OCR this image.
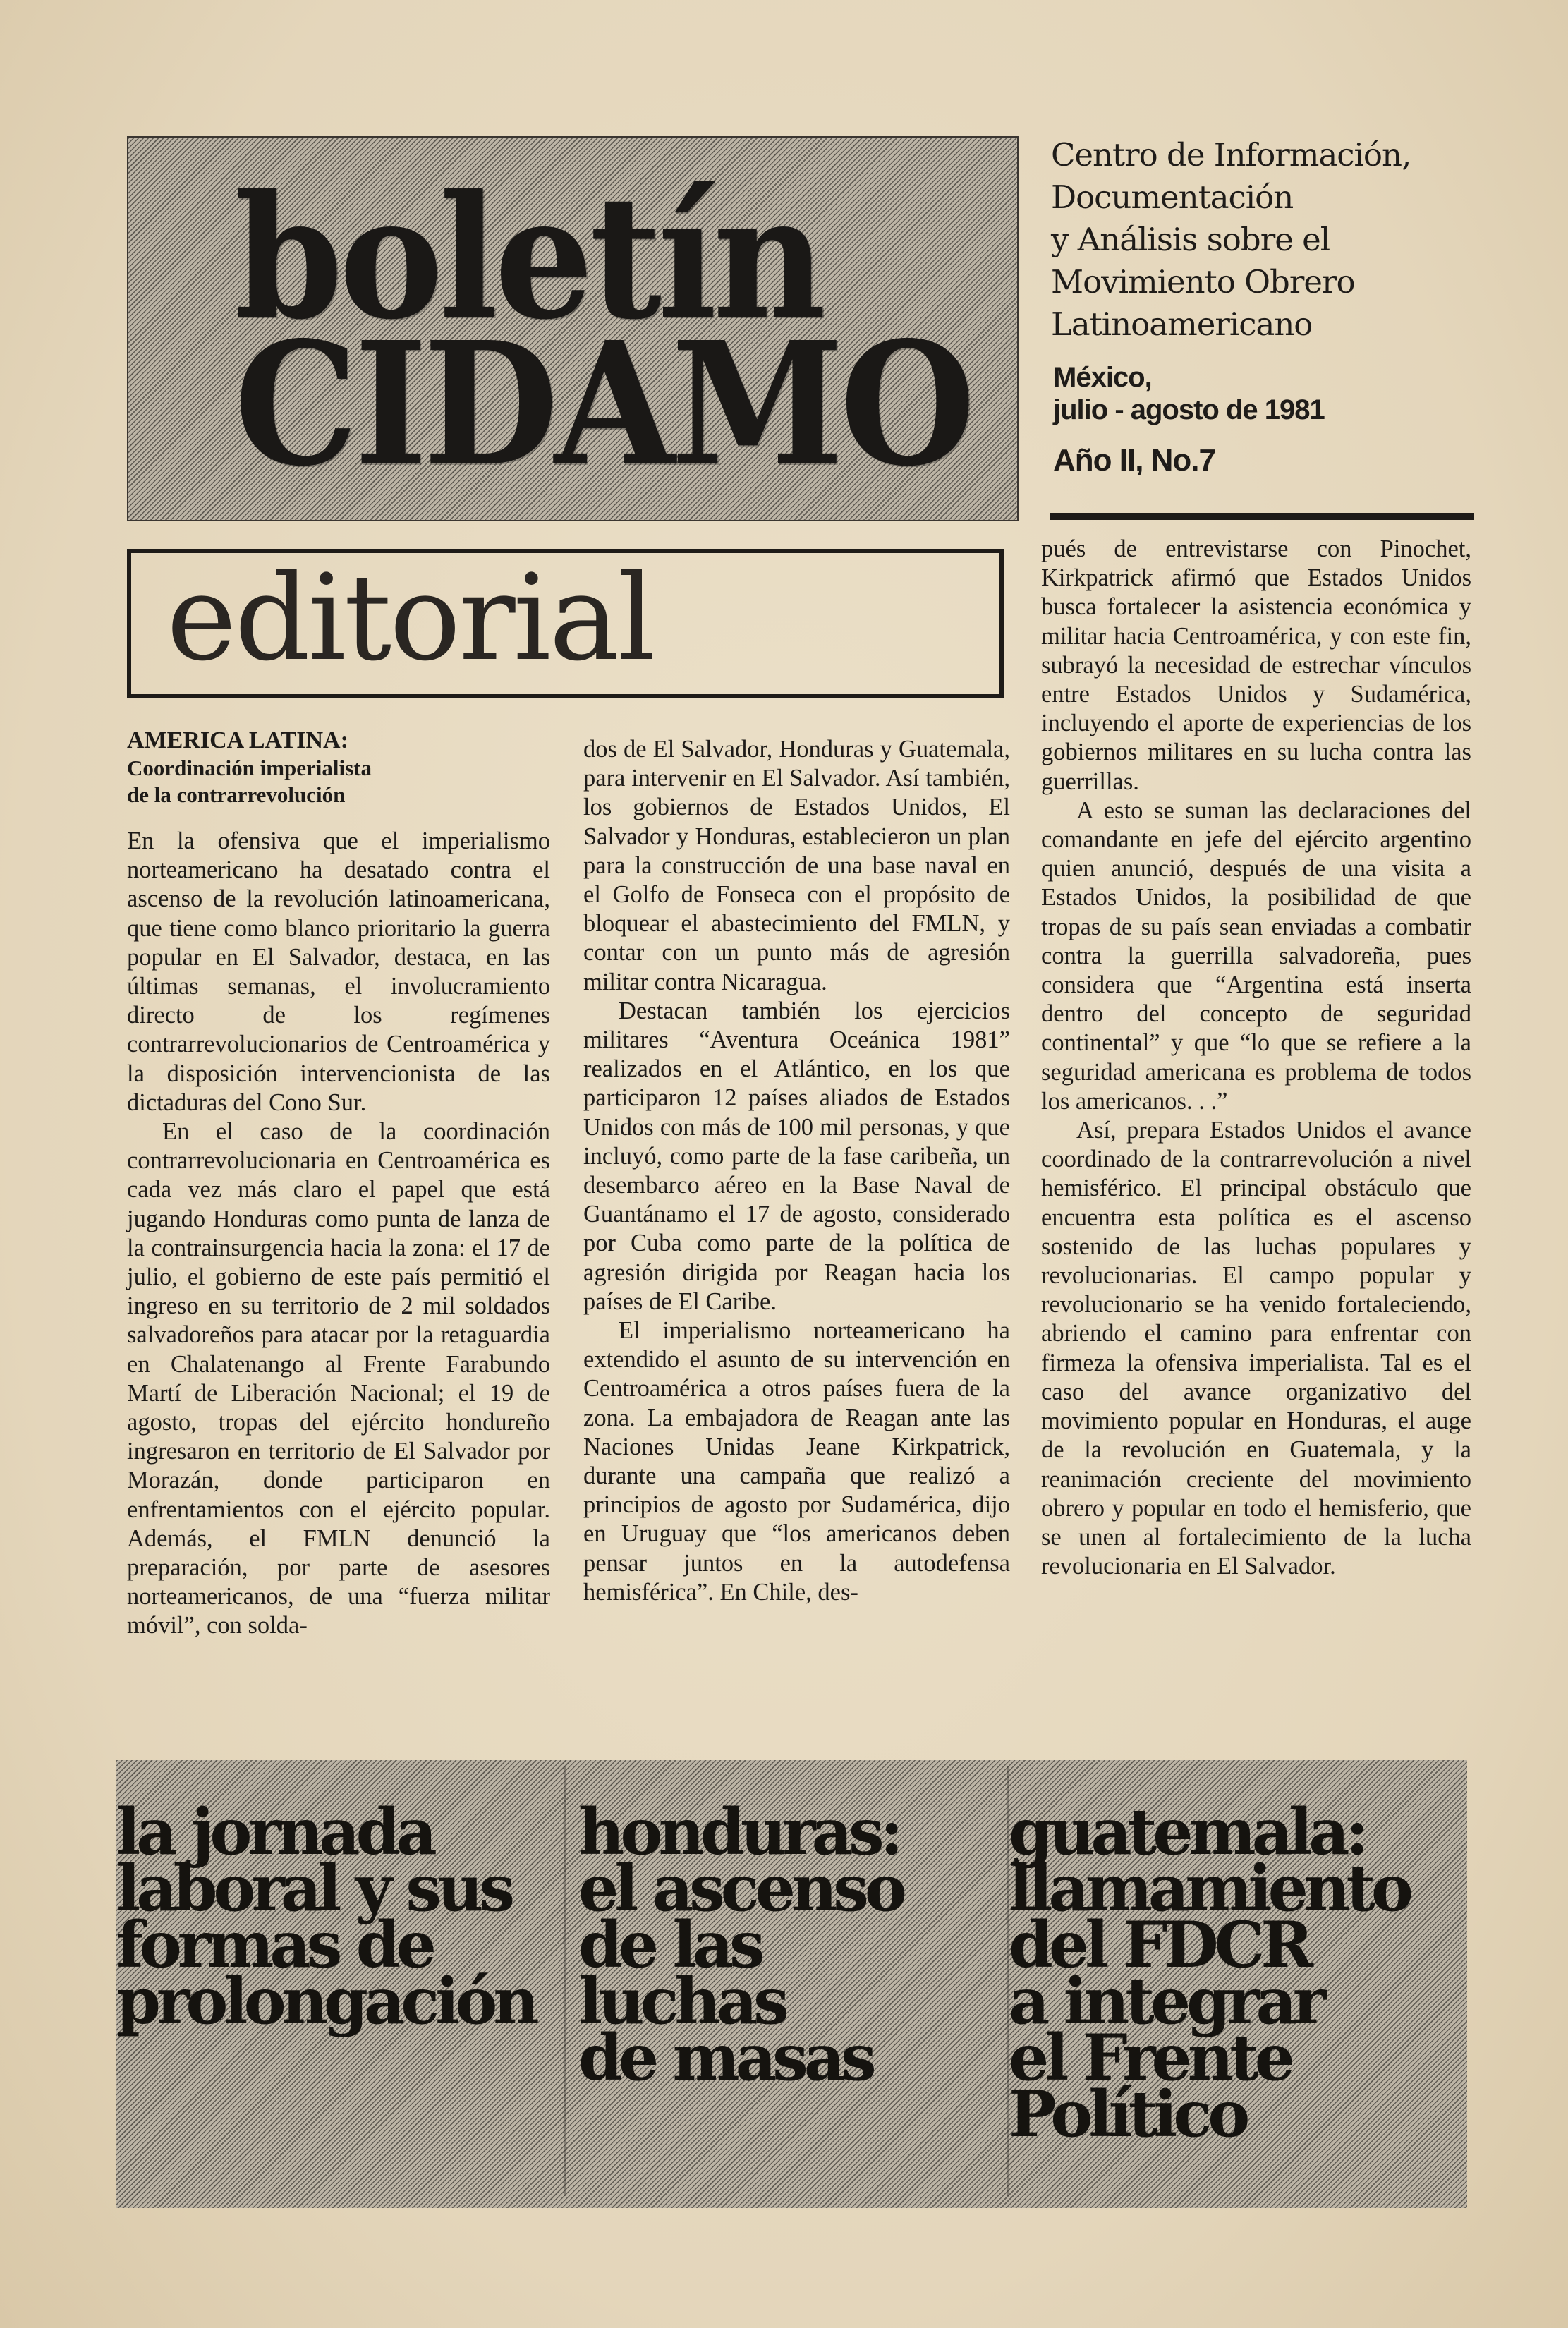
boletín
CIDAMO
Centro de Información,
Documentación
y Análisis sobre el
Movimiento Obrero
Latinoamericano
México,
julio - agosto de 1981
Año II, No.7
editorial
AMERICA LATINA:
Coordinación imperialista
de la contrarrevolución

En la ofensiva que el imperialismo norteamericano ha desatado contra el ascenso de la revolución latinoamericana, que tiene como blanco prioritario la guerra popular en El Salvador, destaca, en las últimas semanas, el involucramiento directo de los regímenes contrarrevolucionarios de Centroamérica y la disposición intervencionista de las dictaduras del Cono Sur.

En el caso de la coordinación contrarrevolucionaria en Centroamérica es cada vez más claro el papel que está jugando Honduras como punta de lanza de la contrainsurgencia hacia la zona: el 17 de julio, el gobierno de este país permitió el ingreso en su territorio de 2 mil soldados salvadoreños para atacar por la retaguardia en Chalatenango al Frente Farabundo Martí de Liberación Nacional; el 19 de agosto, tropas del ejército hondureño ingresaron en territorio de El Salvador por Morazán, donde participaron en enfrentamientos con el ejército popular. Además, el FMLN denunció la preparación, por parte de asesores norteamericanos, de una “fuerza militar móvil”, con solda-

dos de El Salvador, Honduras y Guatemala, para intervenir en El Salvador. Así también, los gobiernos de Estados Unidos, El Salvador y Honduras, establecieron un plan para la construcción de una base naval en el Golfo de Fonseca con el propósito de bloquear el abastecimiento del FMLN, y contar con un punto más de agresión militar contra Nicaragua.

Destacan también los ejercicios militares “Aventura Oceánica 1981” realizados en el Atlántico, en los que participaron 12 países aliados de Estados Unidos con más de 100 mil personas, y que incluyó, como parte de la fase caribeña, un desembarco aéreo en la Base Naval de Guantánamo el 17 de agosto, considerado por Cuba como parte de la política de agresión dirigida por Reagan hacia los países de El Caribe.

El imperialismo norteamericano ha extendido el asunto de su intervención en Centroamérica a otros países fuera de la zona. La embajadora de Reagan ante las Naciones Unidas Jeane Kirkpatrick, durante una campaña que realizó a principios de agosto por Sudamérica, dijo en Uruguay que “los americanos deben pensar juntos en la autodefensa hemisférica”. En Chile, des-

pués de entrevistarse con Pinochet, Kirkpatrick afirmó que Estados Unidos busca fortalecer la asistencia económica y militar hacia Centroamérica, y con este fin, subrayó la necesidad de estrechar vínculos entre Estados Unidos y Sudamérica, incluyendo el aporte de experiencias de los gobiernos militares en su lucha contra las guerrillas.

A esto se suman las declaraciones del comandante en jefe del ejército argentino quien anunció, después de una visita a Estados Unidos, la posibilidad de que tropas de su país sean enviadas a combatir contra la guerrilla salvadoreña, pues considera que “Argentina está inserta dentro del concepto de seguridad continental” y que “lo que se refiere a la seguridad americana es problema de todos los americanos. . .”

Así, prepara Estados Unidos el avance coordinado de la contrarrevolución a nivel hemisférico. El principal obstáculo que encuentra esta política es el ascenso sostenido de las luchas populares y revolucionarias. El campo popular y revolucionario se ha venido fortaleciendo, abriendo el camino para enfrentar con firmeza la ofensiva imperialista. Tal es el caso del avance organizativo del movimiento popular en Honduras, el auge de la revolución en Guatemala, y la reanimación creciente del movimiento obrero y popular en todo el hemisferio, que se unen al fortalecimiento de la lucha revolucionaria en El Salvador.

la jornada
laboral y sus
formas de
prolongación
honduras:
el ascenso
de las
luchas
de masas
guatemala:
llamamiento
del FDCR
a integrar
el Frente
Político
